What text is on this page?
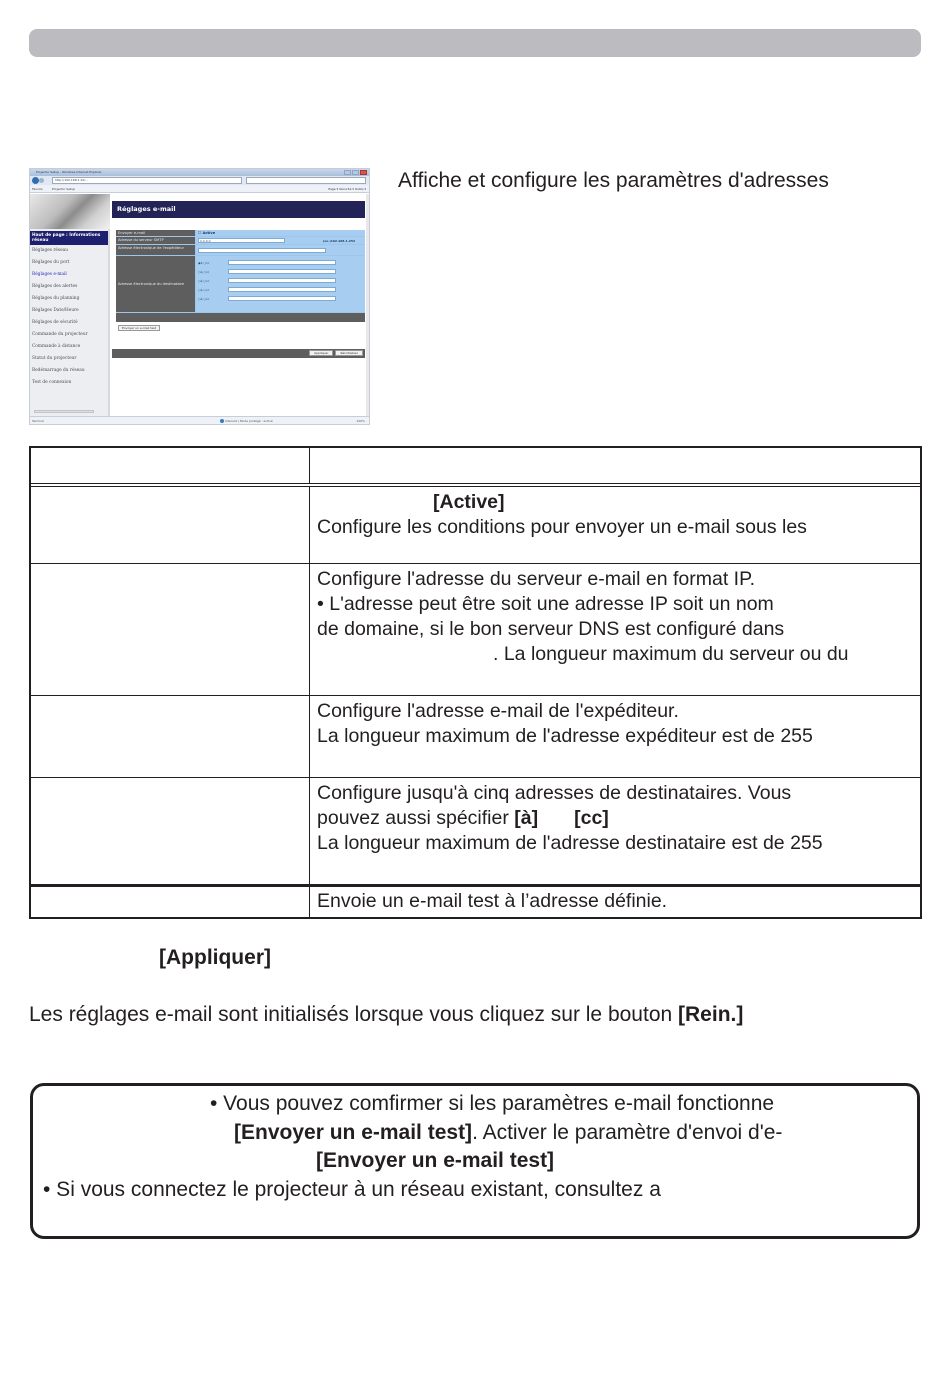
Projector Setup - Windows Internet Explorer
http://192.168.1.10/...
Favoris	Projector Setup	Page ▾ Sécurité ▾ Outils ▾
Haut de page : Informations réseau
Réglages réseau
Réglages du port
Réglages e-mail
Réglages des alertes
Réglages du planning
Réglages Date/Heure
Réglages de sécurité
Commande du projecteur
Commande à distance
Statut du projecteur
Redémarrage du réseau
Test de connexion
Réglages e-mail
Envoyer e-mail	☐ Active
Adresse du serveur SMTP	0.0.0.0	(ex.)192.168.1.254
Adresse électronique de l'expéditeur
Adresse électronique du destinataire
◉à ○cc
○à ○cc
○à ○cc
○à ○cc
○à ○cc
Envoyer un e-mail test
Appliquer	Réinitialiser
Terminé	Internet | Mode protégé : activé	100%
Affiche et configure les paramètres d'adresses
[Active]
Configure les conditions pour envoyer un e-mail sous les
Configure l'adresse du serveur e-mail en format IP.
• L'adresse peut être soit une adresse IP soit un nom
de domaine, si le bon serveur DNS est configuré dans
. La longueur maximum du serveur ou du
Configure l'adresse e-mail de l'expéditeur.
La longueur maximum de l'adresse expéditeur est de 255
Configure jusqu'à cinq adresses de destinataires. Vous
pouvez aussi spécifier [à] [cc]
La longueur maximum de l'adresse destinataire est de 255
Envoie un e-mail test à l’adresse définie.
[Appliquer]
Les réglages e-mail sont initialisés lorsque vous cliquez sur le bouton [Rein.]
• Vous pouvez comfirmer si les paramètres e-mail fonctionne
[Envoyer un e-mail test]. Activer le paramètre d'envoi d'e-
[Envoyer un e-mail test]
• Si vous connectez le projecteur à un réseau existant, consultez a
